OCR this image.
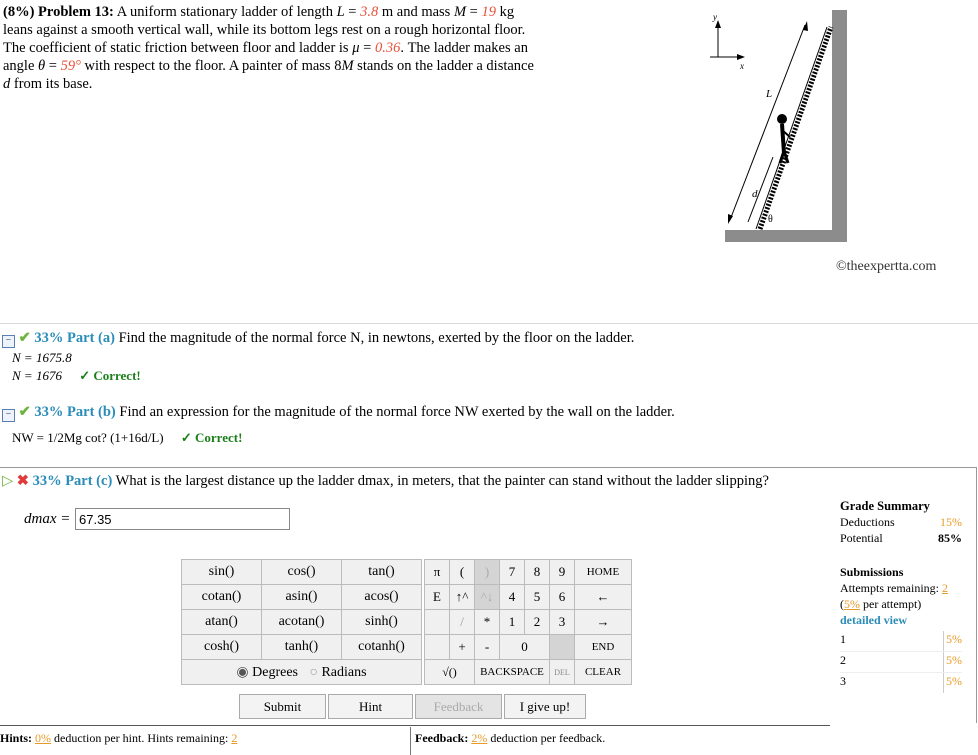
(8%) Problem 13: A uniform stationary ladder of length L = 3.8 m and mass M = 19 kg
leans against a smooth vertical wall, while its bottom legs rest on a rough horizontal floor.
The coefficient of static friction between floor and ladder is μ = 0.36. The ladder makes an
angle θ = 59° with respect to the floor. A painter of mass 8M stands on the ladder a distance
d from its base.
y
x
L
d
θ
©theexpertta.com
− ✔ 33% Part (a) Find the magnitude of the normal force N, in newtons, exerted by the floor on the ladder.
N = 1675.8
N = 1676 ✓ Correct!
− ✔ 33% Part (b) Find an expression for the magnitude of the normal force NW exerted by the wall on the ladder.
NW = 1/2Mg cot? (1+16d/L) ✓ Correct!
▷ ✖ 33% Part (c) What is the largest distance up the ladder dmax, in meters, that the painter can stand without the ladder slipping?
dmax = 67.35
sin()	cos()	tan()
cotan()	asin()	acos()
atan()	acotan()	sinh()
cosh()	tanh()	cotanh()
◉ Degrees ○ Radians		
π	(	)	7	8	9	HOME
E	↑^	^↓	4	5	6	←
	/	*	1	2	3	→
	+	-	0			END
√()		BACKSPACE			DEL	CLEAR
Submit	Hint	Feedback	I give up!
Grade Summary
Deductions	15%
Potential	85%
Submissions
Attempts remaining: 2
(5% per attempt)
detailed view
1	5%
2	5%
3	5%
Hints: 0% deduction per hint. Hints remaining: 2	Feedback: 2% deduction per feedback.
